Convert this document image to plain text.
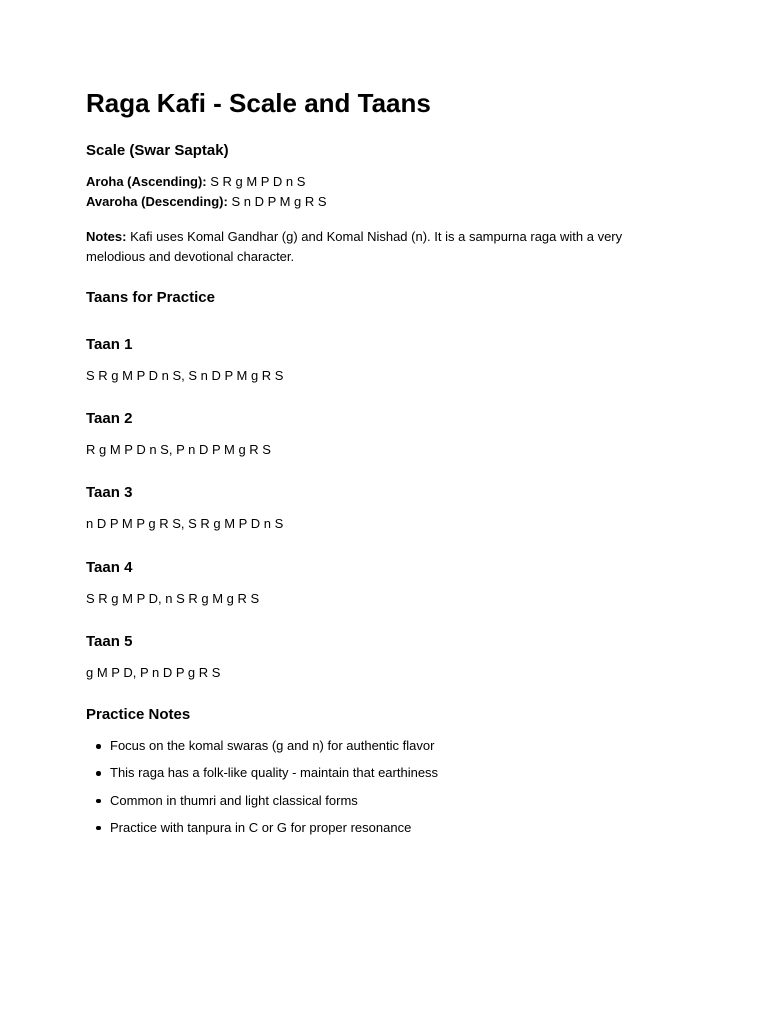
Raga Kafi - Scale and Taans
Scale (Swar Saptak)

Aroha (Ascending): S R g M P D n S

Avaroha (Descending): S n D P M g R S

Notes: Kafi uses Komal Gandhar (g) and Komal Nishad (n). It is a sampurna raga with a very melodious and devotional character.

Taans for Practice
Taan 1

S R g M P D n S, S n D P M g R S

Taan 2

R g M P D n S, P n D P M g R S

Taan 3

n D P M P g R S, S R g M P D n S

Taan 4

S R g M P D, n S R g M g R S

Taan 5

g M P D, P n D P g R S

Practice Notes
Focus on the komal swaras (g and n) for authentic flavor
This raga has a folk-like quality - maintain that earthiness
Common in thumri and light classical forms
Practice with tanpura in C or G for proper resonance
